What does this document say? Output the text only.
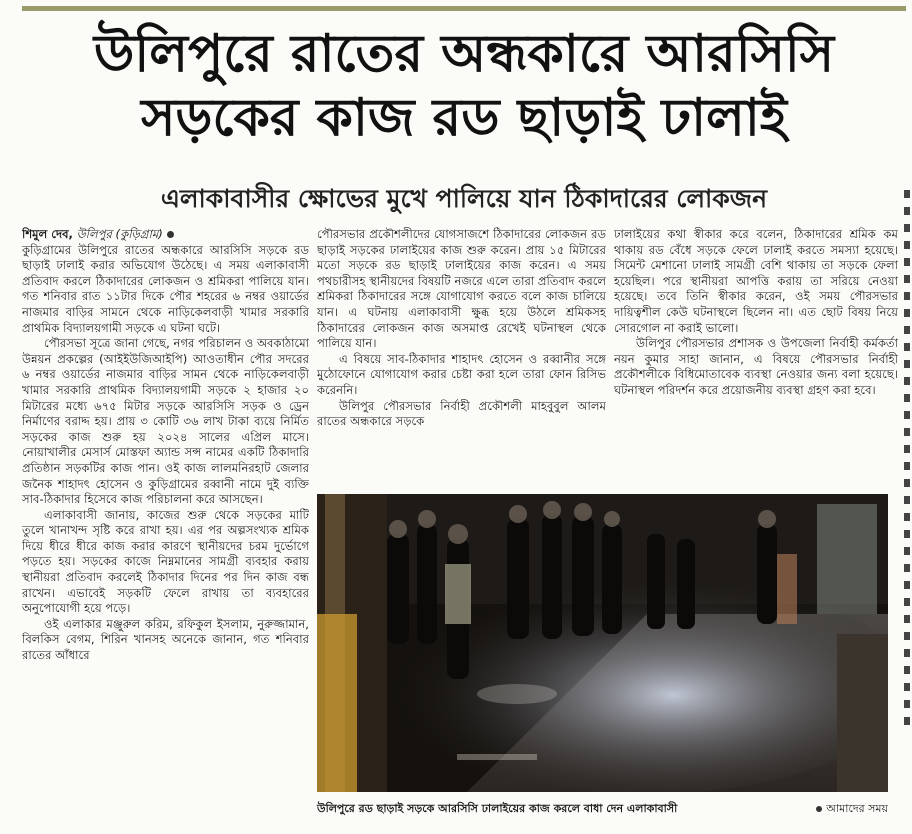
উলিপুরে রাতের অন্ধকারে আরসিসি
সড়কের কাজ রড ছাড়াই ঢালাই
এলাকাবাসীর ক্ষোভের মুখে পালিয়ে যান ঠিকাদারের লোকজন

শিমুল দেব, উলিপুর (কুড়িগ্রাম)

কুড়িগ্রামের উলিপুরে রাতের অন্ধকারে আরসিসি সড়কে রড ছাড়াই ঢালাই করার অভিযোগ উঠেছে। এ সময় এলাকাবাসী প্রতিবাদ করলে ঠিকাদারের লোকজন ও শ্রমিকরা পালিয়ে যান। গত শনিবার রাত ১১টার দিকে পৌর শহরের ৬ নম্বর ওয়ার্ডের নাজমার বাড়ির সামনে থেকে নাড়িকেলবাড়ী খামার সরকারি প্রাথমিক বিদ্যালয়গামী সড়কে এ ঘটনা ঘটে।

পৌরসভা সূত্রে জানা গেছে, নগর পরিচালন ও অবকাঠামো উন্নয়ন প্রকল্পের (আইইউজিআইপি) আওতাধীন পৌর সদরের ৬ নম্বর ওয়ার্ডের নাজমার বাড়ির সামন থেকে নাড়িকেলবাড়ী খামার সরকারি প্রাথমিক বিদ্যালয়গামী সড়কে ২ হাজার ২০ মিটারের মধ্যে ৬৭৫ মিটার সড়কে আরসিসি সড়ক ও ড্রেন নির্মাণের বরাদ্দ হয়। প্রায় ৩ কোটি ৩৬ লাখ টাকা ব্যয়ে নির্মিত সড়কের কাজ শুরু হয় ২০২৪ সালের এপ্রিল মাসে। নোয়াখালীর মেসার্স মোস্তফা অ্যান্ড সন্স নামের একটি ঠিকাদারি প্রতিষ্ঠান সড়কটির কাজ পান। ওই কাজ লালমনিরহাট জেলার জনৈক শাহাদৎ হোসেন ও কুড়িগ্রামের রব্বানী নামে দুই ব্যক্তি সাব-ঠিকাদার হিসেবে কাজ পরিচালনা করে আসছেন।

এলাকাবাসী জানায়, কাজের শুরু থেকে সড়কের মাটি তুলে খানাখন্দ সৃষ্টি করে রাখা হয়। এর পর অল্পসংখ্যক শ্রমিক দিয়ে ধীরে ধীরে কাজ করার কারণে স্থানীয়দের চরম দুর্ভোগে পড়তে হয়। সড়কের কাজে নিম্নমানের সামগ্রী ব্যবহার করায় স্থানীয়রা প্রতিবাদ করলেই ঠিকাদার দিনের পর দিন কাজ বন্ধ রাখেন। এভাবেই সড়কটি ফেলে রাখায় তা ব্যবহারের অনুপোযোগী হয়ে পড়ে।

ওই এলাকার মঞ্জুরুল করিম, রফিকুল ইসলাম, নুরুজ্জামান, বিলকিস বেগম, শিরিন খানসহ অনেকে জানান, গত শনিবার রাতের আঁধারে

পৌরসভার প্রকৌশলীদের যোগসাজশে ঠিকাদারের লোকজন রড ছাড়াই সড়কের ঢালাইয়ের কাজ শুরু করেন। প্রায় ১৫ মিটারের মতো সড়কে রড ছাড়াই ঢালাইয়ের কাজ করেন। এ সময় পথচারীসহ স্থানীয়দের বিষয়টি নজরে এলে তারা প্রতিবাদ করলে শ্রমিকরা ঠিকাদারের সঙ্গে যোগাযোগ করতে বলে কাজ চালিয়ে যান। এ ঘটনায় এলাকাবাসী ক্ষুব্ধ হয়ে উঠলে শ্রমিকসহ ঠিকাদারের লোকজন কাজ অসমাপ্ত রেখেই ঘটনাস্থল থেকে পালিয়ে যান।

এ বিষয়ে সাব-ঠিকাদার শাহাদৎ হোসেন ও রব্বানীর সঙ্গে মুঠোফোনে যোগাযোগ করার চেষ্টা করা হলে তারা ফোন রিসিভ করেননি।

উলিপুর পৌরসভার নির্বাহী প্রকৌশলী মাহবুবুল আলম রাতের অন্ধকারে সড়কে

ঢালাইয়ের কথা স্বীকার করে বলেন, ঠিকাদারের শ্রমিক কম থাকায় রড বেঁধে সড়কে ফেলে ঢালাই করতে সমস্যা হয়েছে। সিমেন্ট মেশানো ঢালাই সামগ্রী বেশি থাকায় তা সড়কে ফেলা হয়েছিল। পরে স্থানীয়রা আপত্তি করায় তা সরিয়ে নেওয়া হয়েছে। তবে তিনি স্বীকার করেন, ওই সময় পৌরসভার দায়িত্বশীল কেউ ঘটনাস্থলে ছিলেন না। এত ছোট বিষয় নিয়ে সোরগোল না করাই ভালো।

উলিপুর পৌরসভার প্রশাসক ও উপজেলা নির্বাহী কর্মকর্তা নয়ন কুমার সাহা জানান, এ বিষয়ে পৌরসভার নির্বাহী প্রকৌশলীকে বিধিমোতাবেক ব্যবস্থা নেওয়ার জন্য বলা হয়েছে। ঘটনাস্থল পরিদর্শন করে প্রয়োজনীয় ব্যবস্থা গ্রহণ করা হবে।

উলিপুরে রড ছাড়াই সড়কে আরসিসি ঢালাইয়ের কাজ করলে বাধা দেন এলাকাবাসী	আমাদের সময়
